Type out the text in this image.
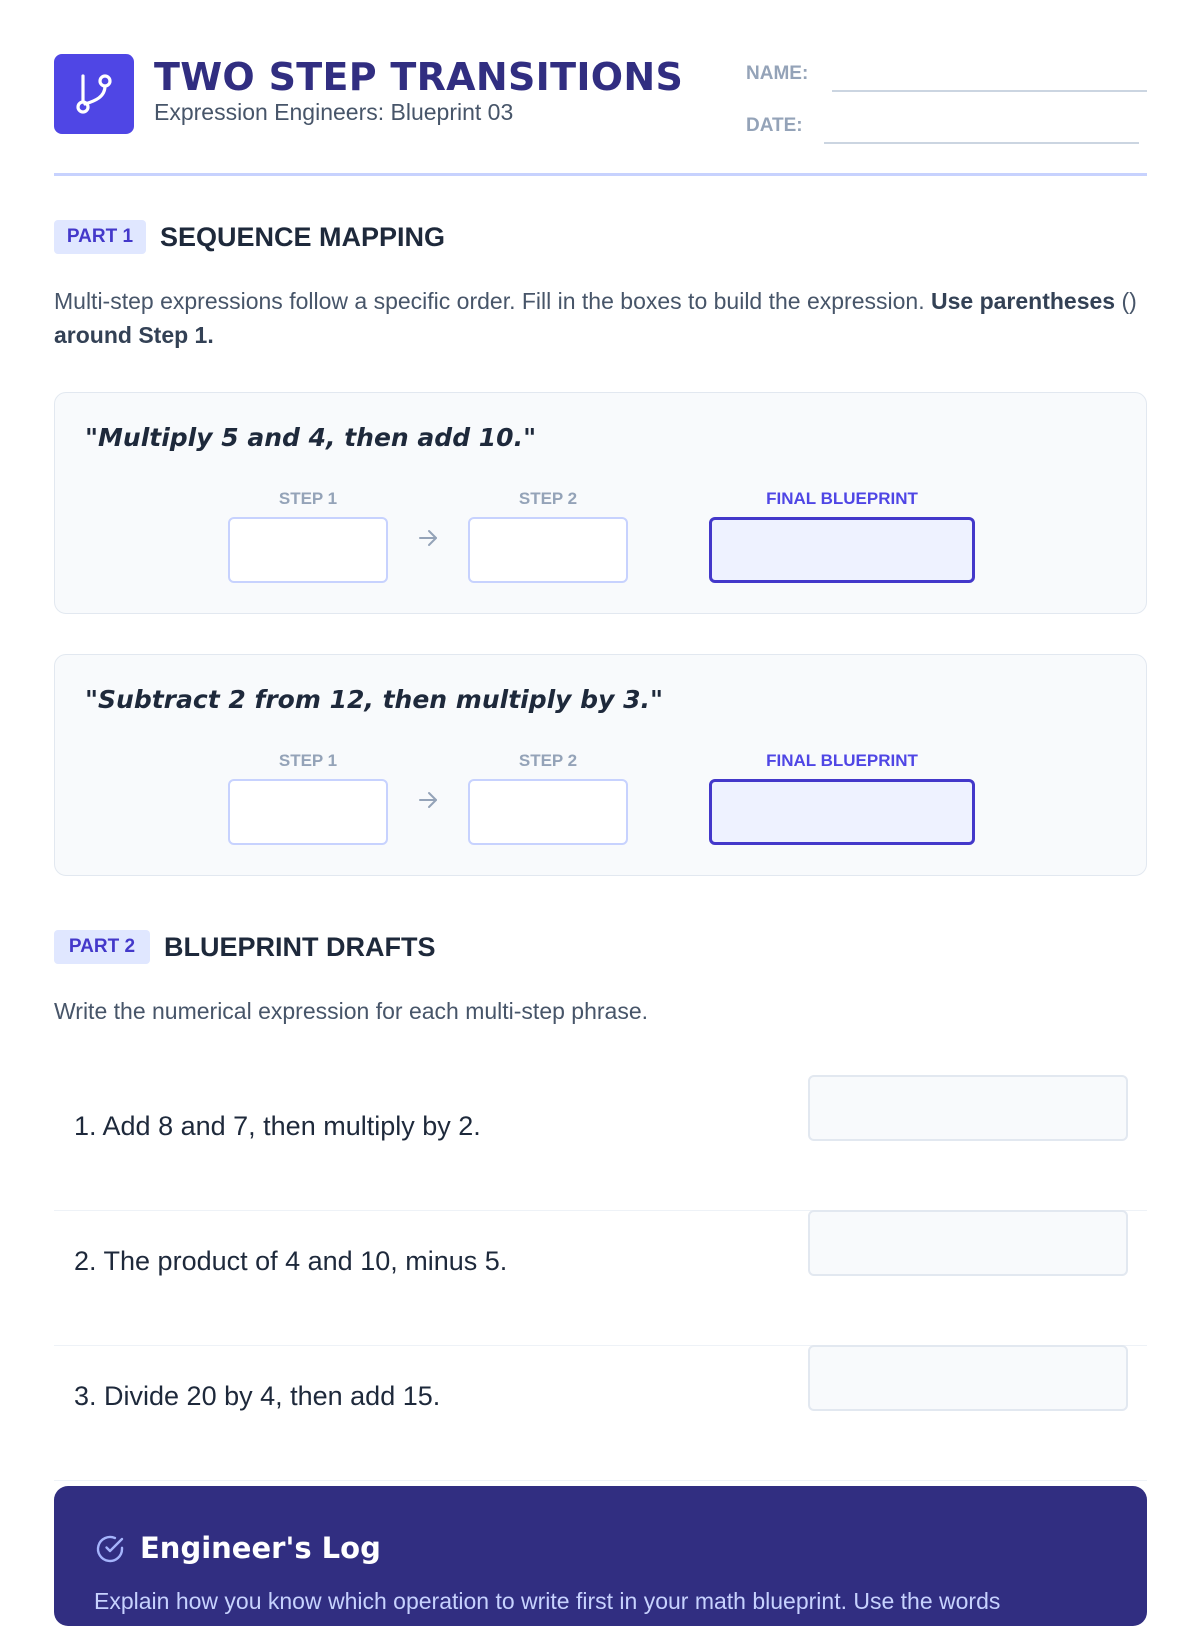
TWO STEP TRANSITIONS
Expression Engineers: Blueprint 03
NAME:
DATE:
PART 1 SEQUENCE MAPPING
Multi-step expressions follow a specific order. Fill in the boxes to build the expression. Use parentheses () around Step 1.
"Multiply 5 and 4, then add 10."
STEP 1	STEP 2	FINAL BLUEPRINT
"Subtract 2 from 12, then multiply by 3."
STEP 1	STEP 2	FINAL BLUEPRINT
PART 2	BLUEPRINT DRAFTS
Write the numerical expression for each multi-step phrase.
1. Add 8 and 7, then multiply by 2.
2. The product of 4 and 10, minus 5.
3. Divide 20 by 4, then add 15.
Engineer's Log
Explain how you know which operation to write first in your math blueprint. Use the words
